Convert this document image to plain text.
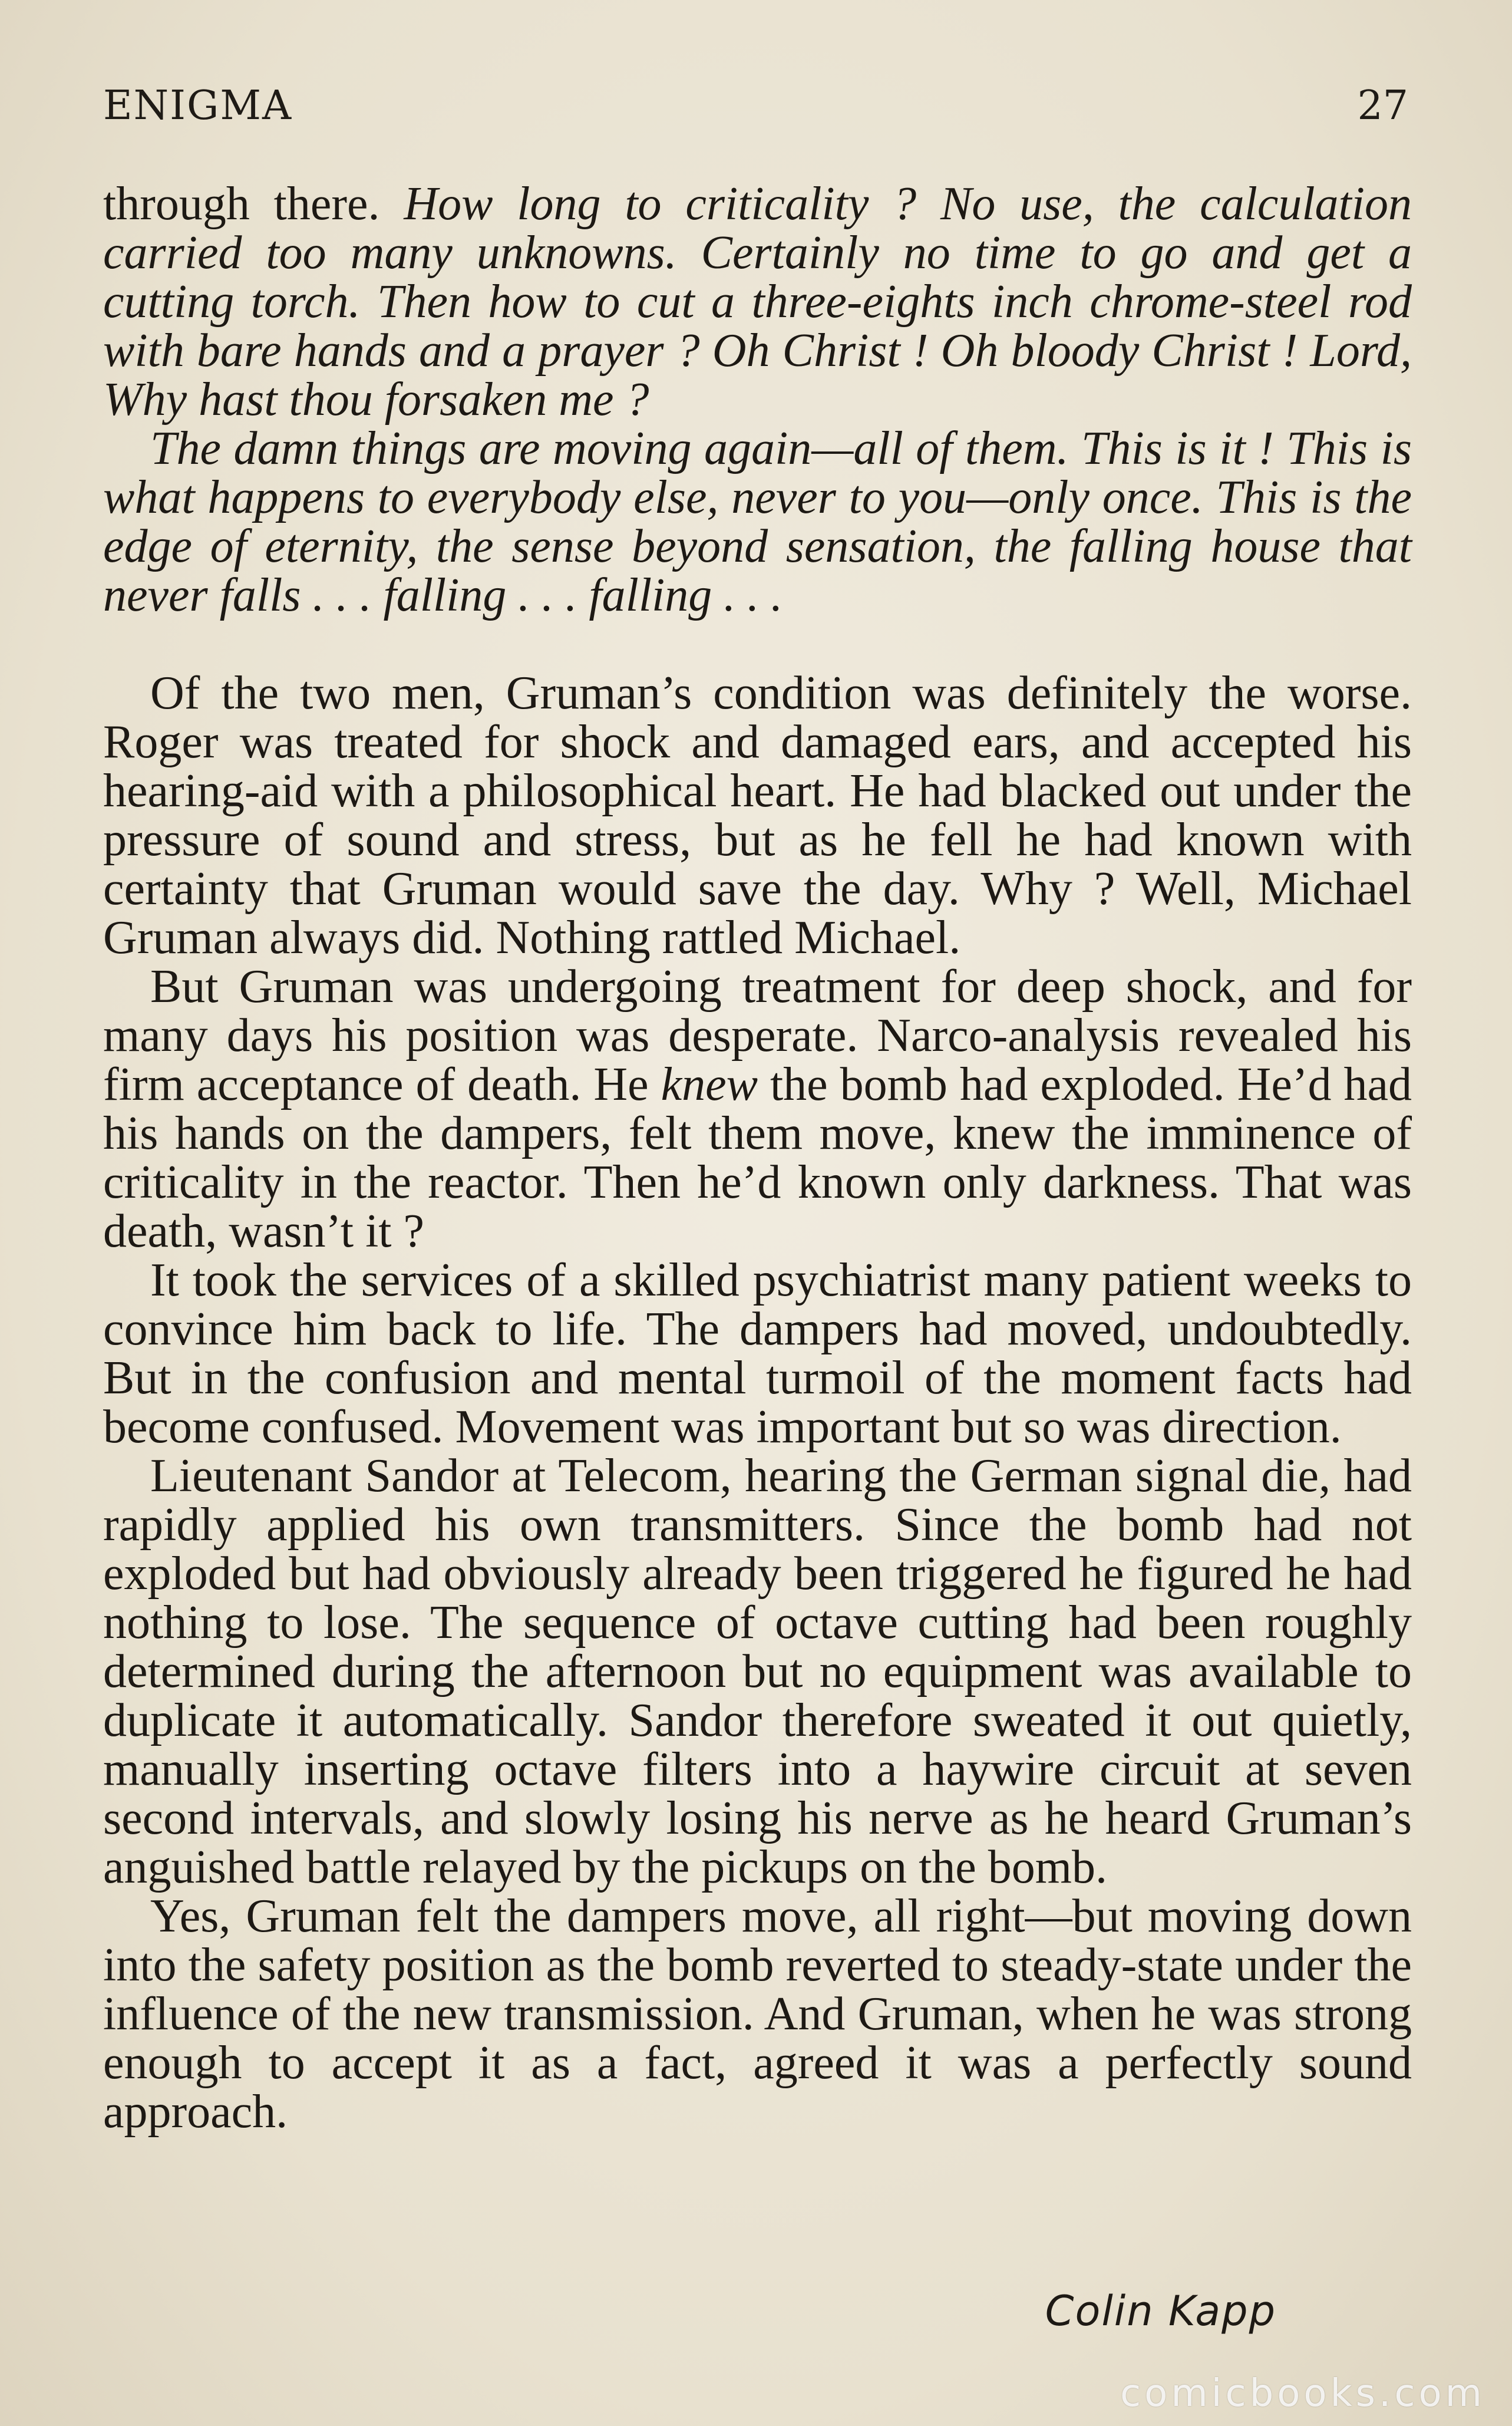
ENIGMA	27

through there. How long to criticality ? No use, the calculation carried too many unknowns. Certainly no time to go and get a cutting torch. Then how to cut a three-eights inch chrome-steel rod with bare hands and a prayer ? Oh Christ ! Oh bloody Christ ! Lord, Why hast thou forsaken me ?

The damn things are moving again—all of them. This is it ! This is what happens to everybody else, never to you—only once. This is the edge of eternity, the sense beyond sensation, the falling house that never falls . . . falling . . . falling . . .

Of the two men, Gruman’s condition was definitely the worse. Roger was treated for shock and damaged ears, and accepted his hearing-aid with a philosophical heart. He had blacked out under the pressure of sound and stress, but as he fell he had known with certainty that Gruman would save the day. Why ? Well, Michael Gruman always did. Nothing rattled Michael.

But Gruman was undergoing treatment for deep shock, and for many days his position was desperate. Narco-analysis revealed his firm acceptance of death. He knew the bomb had exploded. He’d had his hands on the dampers, felt them move, knew the imminence of criticality in the reactor. Then he’d known only darkness. That was death, wasn’t it ?

It took the services of a skilled psychiatrist many patient weeks to convince him back to life. The dampers had moved, undoubtedly. But in the confusion and mental turmoil of the moment facts had become confused. Movement was important but so was direction.

Lieutenant Sandor at Telecom, hearing the German signal die, had rapidly applied his own transmitters. Since the bomb had not exploded but had obviously already been triggered he figured he had nothing to lose. The sequence of octave cutting had been roughly determined during the afternoon but no equipment was available to duplicate it automatically. Sandor therefore sweated it out quietly, manually inserting octave filters into a haywire circuit at seven second intervals, and slowly losing his nerve as he heard Gruman’s anguished battle relayed by the pickups on the bomb.

Yes, Gruman felt the dampers move, all right—but moving down into the safety position as the bomb reverted to steady-state under the influence of the new transmission. And Gruman, when he was strong enough to accept it as a fact, agreed it was a perfectly sound approach.

Colin Kapp
comicbooks.com
